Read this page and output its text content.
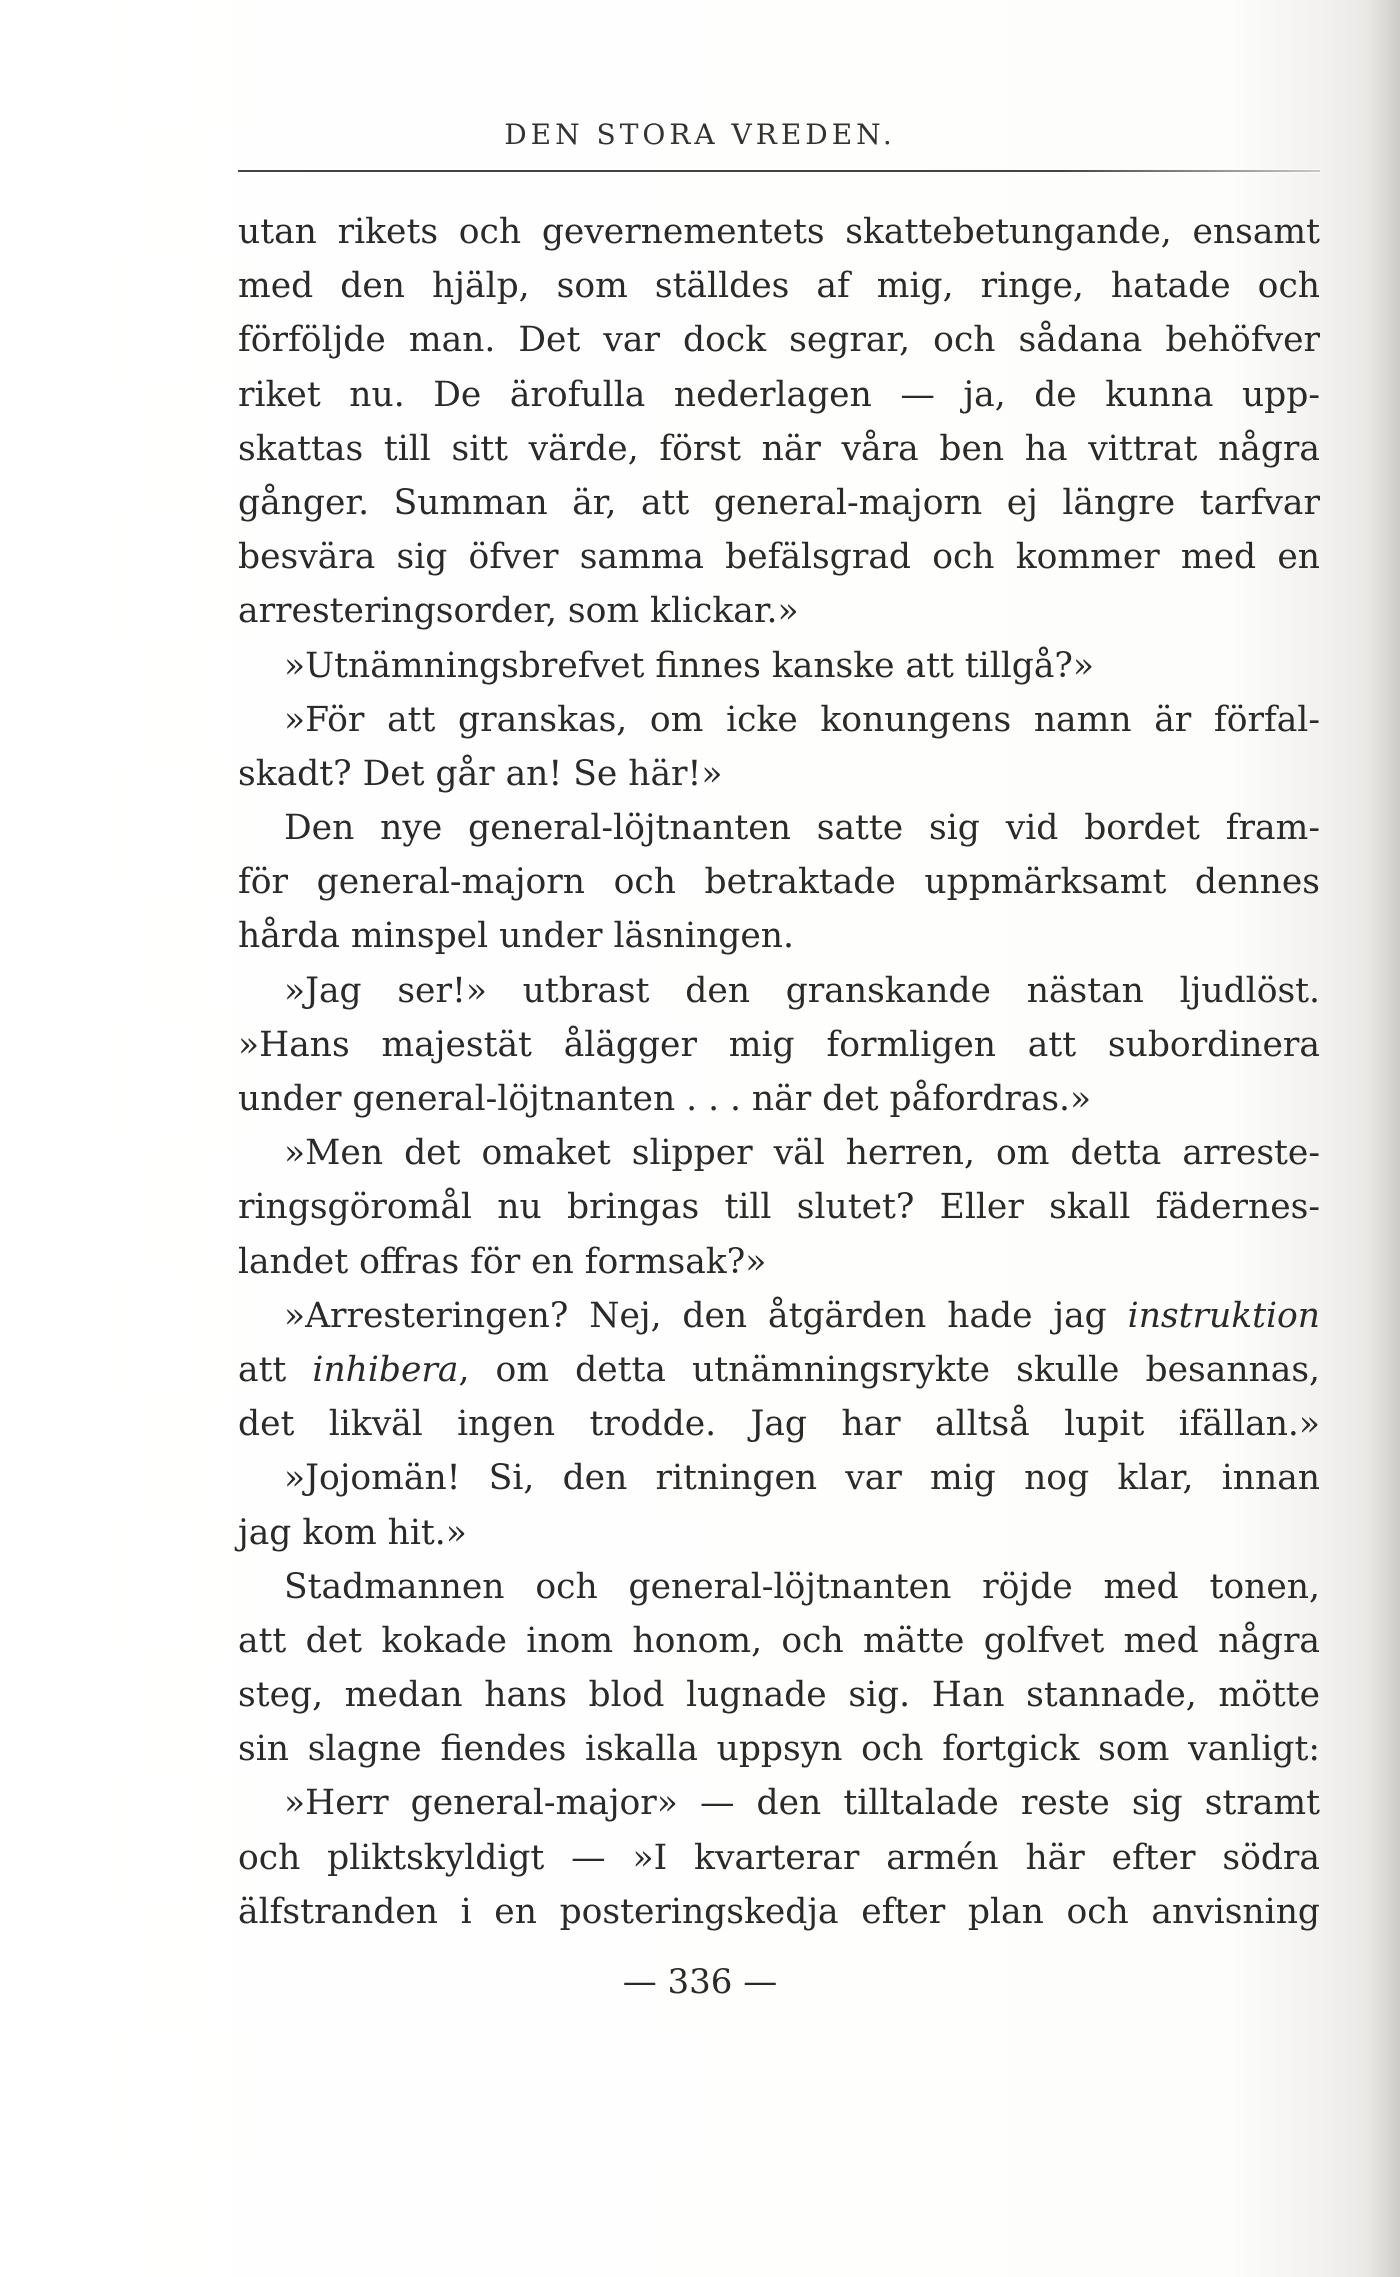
DEN STORA VREDEN.
utan rikets och gevernementets skattebetungande, ensamt
med den hjälp, som ställdes af mig, ringe, hatade och
förföljde man. Det var dock segrar, och sådana behöfver
riket nu. De ärofulla nederlagen — ja, de kunna upp-
skattas till sitt värde, först när våra ben ha vittrat några
gånger. Summan är, att general-majorn ej längre tarfvar
besvära sig öfver samma befälsgrad och kommer med en
arresteringsorder, som klickar.»
»Utnämningsbrefvet finnes kanske att tillgå?»
»För att granskas, om icke konungens namn är förfal-
skadt? Det går an! Se här!»
Den nye general-löjtnanten satte sig vid bordet fram-
för general-majorn och betraktade uppmärksamt dennes
hårda minspel under läsningen.
»Jag ser!» utbrast den granskande nästan ljudlöst.
»Hans majestät ålägger mig formligen att subordinera
under general-löjtnanten . . . när det påfordras.»
»Men det omaket slipper väl herren, om detta arreste-
ringsgöromål nu bringas till slutet? Eller skall fädernes-
landet offras för en formsak?»
»Arresteringen? Nej, den åtgärden hade jag instruktion
att inhibera, om detta utnämningsrykte skulle besannas,
det likväl ingen trodde. Jag har alltså lupit ifällan.»
»Jojomän! Si, den ritningen var mig nog klar, innan
jag kom hit.»
Stadmannen och general-löjtnanten röjde med tonen,
att det kokade inom honom, och mätte golfvet med några
steg, medan hans blod lugnade sig. Han stannade, mötte
sin slagne fiendes iskalla uppsyn och fortgick som vanligt:
»Herr general-major» — den tilltalade reste sig stramt
och pliktskyldigt — »I kvarterar armén här efter södra
älfstranden i en posteringskedja efter plan och anvisning
— 336 —
